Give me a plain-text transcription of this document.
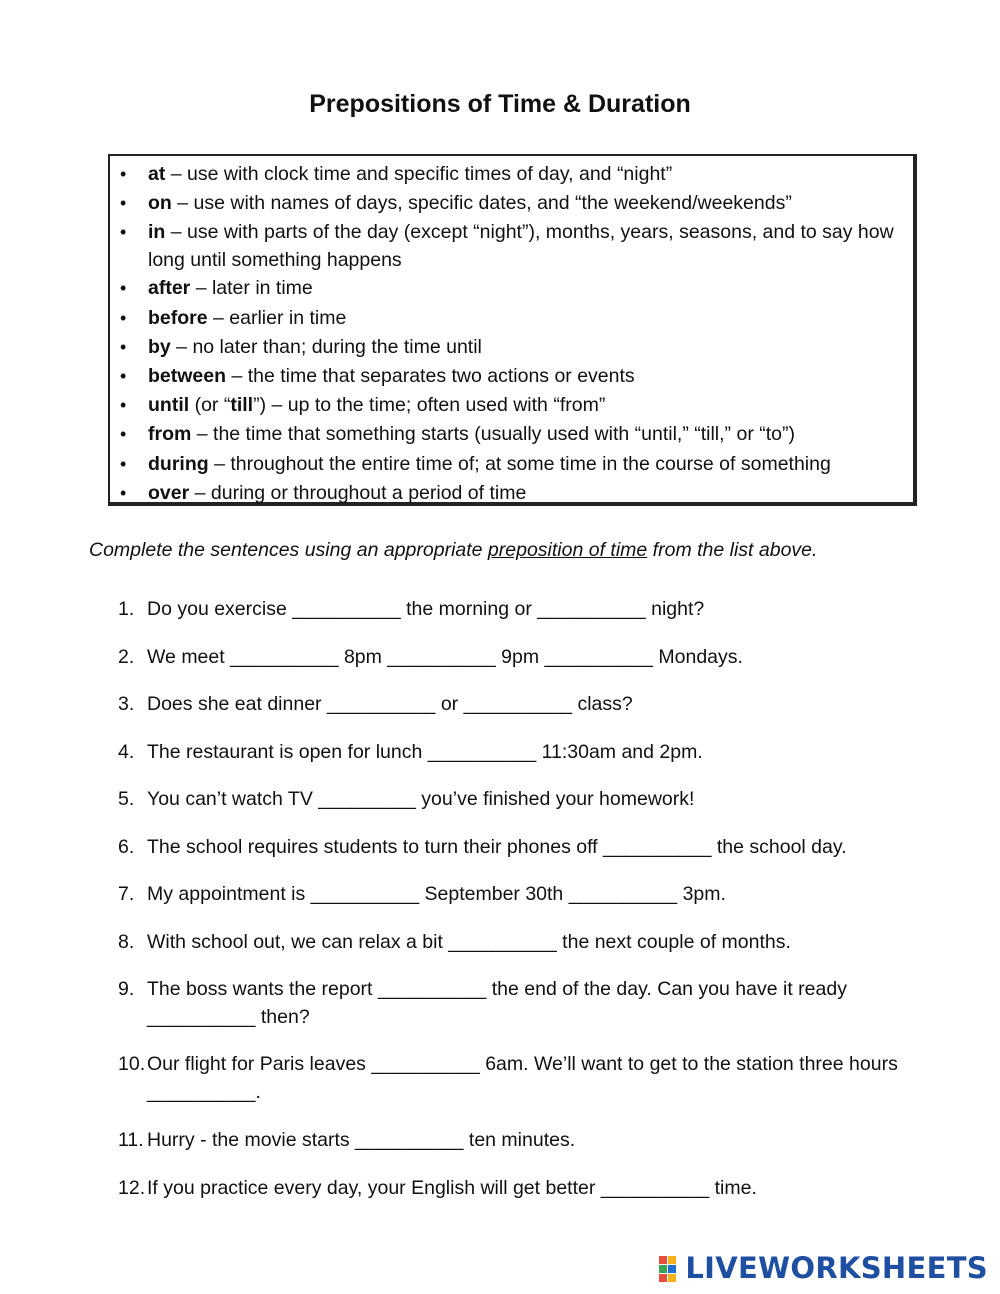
Prepositions of Time & Duration
• at – use with clock time and specific times of day, and “night”
• on – use with names of days, specific dates, and “the weekend/weekends”
• in – use with parts of the day (except “night”), months, years, seasons, and to say how long until something happens
• after – later in time
• before – earlier in time
• by – no later than; during the time until
• between – the time that separates two actions or events
• until (or “till”) – up to the time; often used with “from”
• from – the time that something starts (usually used with “until,” “till,” or “to”)
• during – throughout the entire time of; at some time in the course of something
• over – during or throughout a period of time
Complete the sentences using an appropriate preposition of time from the list above.
1. Do you exercise __________ the morning or __________ night?
2. We meet __________ 8pm __________ 9pm __________ Mondays.
3. Does she eat dinner __________ or __________ class?
4. The restaurant is open for lunch __________ 11:30am and 2pm.
5. You can’t watch TV _________ you’ve finished your homework!
6. The school requires students to turn their phones off __________ the school day.
7. My appointment is __________ September 30th __________ 3pm.
8. With school out, we can relax a bit __________ the next couple of months.
9. The boss wants the report __________ the end of the day. Can you have it ready __________ then?
10. Our flight for Paris leaves __________ 6am. We’ll want to get to the station three hours __________.
11. Hurry - the movie starts __________ ten minutes.
12. If you practice every day, your English will get better __________ time.
LIVEWORKSHEETS
